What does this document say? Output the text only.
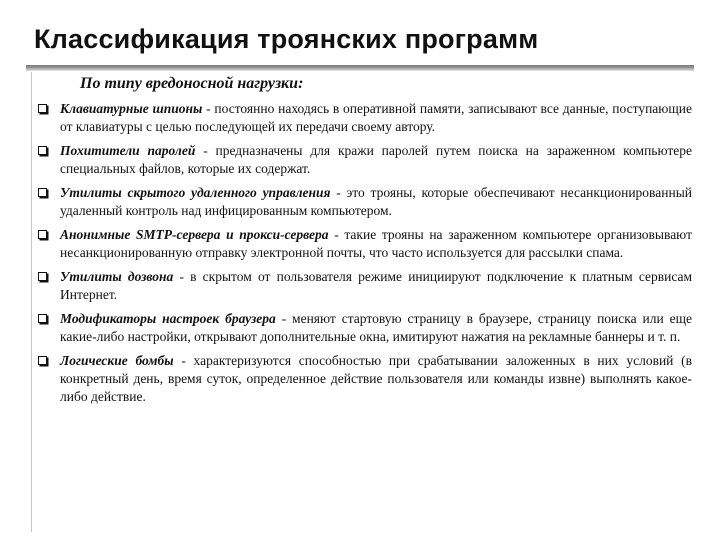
Классификация троянских программ
По типу вредоносной нагрузки:
Клавиатурные шпионы - постоянно находясь в оперативной памяти, записывают все данные, поступающие от клавиатуры с целью последующей их передачи своему автору.
Похитители паролей - предназначены для кражи паролей путем поиска на зараженном компьютере специальных файлов, которые их содержат.
Утилиты скрытого удаленного управления - это трояны, которые обеспечивают несанкционированный удаленный контроль над инфицированным компьютером.
Анонимные SMTP-сервера и прокси-сервера - такие трояны на зараженном компьютере организовывают несанкционированную отправку электронной почты, что часто используется для рассылки спама.
Утилиты дозвона - в скрытом от пользователя режиме инициируют подключение к платным сервисам Интернет.
Модификаторы настроек браузера - меняют стартовую страницу в браузере, страницу поиска или еще какие-либо настройки, открывают дополнительные окна, имитируют нажатия на рекламные баннеры и т. п.
Логические бомбы - характеризуются способностью при срабатывании заложенных в них условий (в конкретный день, время суток, определенное действие пользователя или команды извне) выполнять какое-либо действие.
